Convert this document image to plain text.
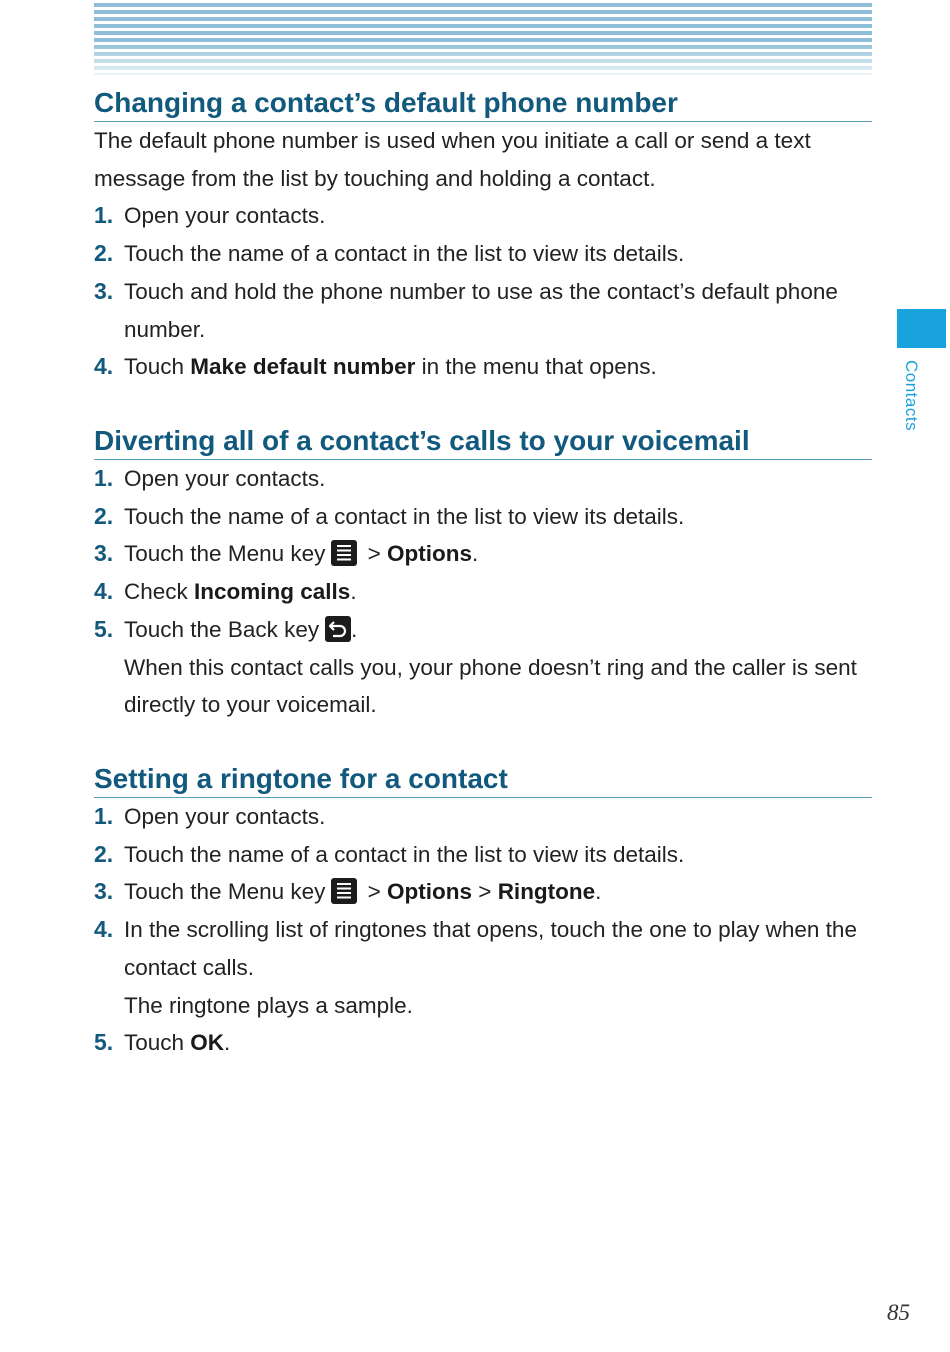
Contacts
Changing a contact’s default phone number

The default phone number is used when you initiate a call or send a text message from the list by touching and holding a contact.

1. Open your contacts.
2. Touch the name of a contact in the list to view its details.
3. Touch and hold the phone number to use as the contact’s default phone number.
4. Touch Make default number in the menu that opens.
Diverting all of a contact’s calls to your voicemail
1. Open your contacts.
2. Touch the name of a contact in the list to view its details.
3. Touch the Menu key > Options.
4. Check Incoming calls.
5. Touch the Back key .

When this contact calls you, your phone doesn’t ring and the caller is sent directly to your voicemail.

Setting a ringtone for a contact
1. Open your contacts.
2. Touch the name of a contact in the list to view its details.
3. Touch the Menu key > Options > Ringtone.
4. In the scrolling list of ringtones that opens, touch the one to play when the contact calls.

The ringtone plays a sample.

5. Touch OK.
85
